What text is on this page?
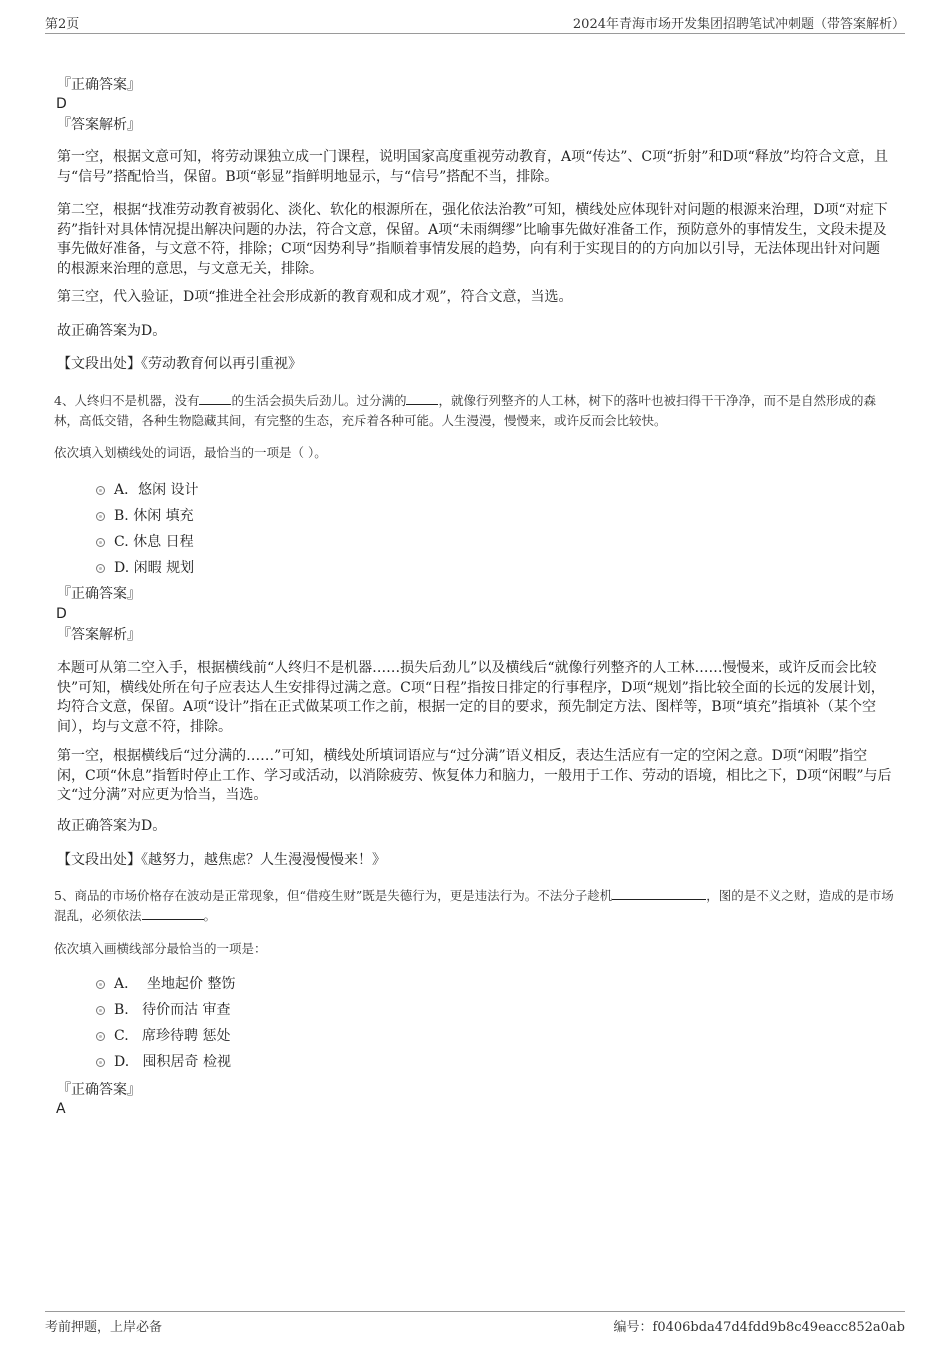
第2页	2024年青海市场开发集团招聘笔试冲刺题（带答案解析）
『正确答案』
D
『答案解析』
第一空，根据文意可知，将劳动课独立成一门课程，说明国家高度重视劳动教育，A项“传达”、C项“折射”和D项“释放”均符合文意，且与“信号”搭配恰当，保留。B项“彰显”指鲜明地显示，与“信号”搭配不当，排除。
第二空，根据“找准劳动教育被弱化、淡化、软化的根源所在，强化依法治教”可知，横线处应体现针对问题的根源来治理，D项“对症下药”指针对具体情况提出解决问题的办法，符合文意，保留。A项“未雨绸缪”比喻事先做好准备工作，预防意外的事情发生，文段未提及事先做好准备，与文意不符，排除；C项“因势利导”指顺着事情发展的趋势，向有利于实现目的的方向加以引导，无法体现出针对问题的根源来治理的意思，与文意无关，排除。
第三空，代入验证，D项“推进全社会形成新的教育观和成才观”，符合文意，当选。
故正确答案为D。
【文段出处】《劳动教育何以再引重视》
4、人终归不是机器，没有	的生活会损失后劲儿。过分满的	，就像行列整齐的人工林，树下的落叶也被扫得干干净净，而不是自然形成的森林，高低交错，各种生物隐藏其间，有完整的生态，充斥着各种可能。人生漫漫，慢慢来，或许反而会比较快。
依次填入划横线处的词语，最恰当的一项是（ ）。
A．悠闲 设计
B. 休闲 填充
C. 休息 日程
D. 闲暇 规划
『正确答案』
D
『答案解析』
本题可从第二空入手，根据横线前“人终归不是机器……损失后劲儿”以及横线后“就像行列整齐的人工林……慢慢来，或许反而会比较快”可知，横线处所在句子应表达人生安排得过满之意。C项“日程”指按日排定的行事程序，D项“规划”指比较全面的长远的发展计划，均符合文意，保留。A项“设计”指在正式做某项工作之前，根据一定的目的要求，预先制定方法、图样等，B项“填充”指填补（某个空间），均与文意不符，排除。
第一空，根据横线后“过分满的……”可知，横线处所填词语应与“过分满”语义相反，表达生活应有一定的空闲之意。D项“闲暇”指空闲，C项“休息”指暂时停止工作、学习或活动，以消除疲劳、恢复体力和脑力，一般用于工作、劳动的语境，相比之下，D项“闲暇”与后文“过分满”对应更为恰当，当选。
故正确答案为D。
【文段出处】《越努力，越焦虑？人生漫漫慢慢来！》
5、商品的市场价格存在波动是正常现象，但“借疫生财”既是失德行为，更是违法行为。不法分子趁机	，图的是不义之财，造成的是市场混乱，必须依法	。
依次填入画横线部分最恰当的一项是：
A．  坐地起价 整饬
B.   待价而沽 审查
C.   席珍待聘 惩处
D.   囤积居奇 检视
『正确答案』
A
考前押题，上岸必备	编号：f0406bda47d4fdd9b8c49eacc852a0ab
